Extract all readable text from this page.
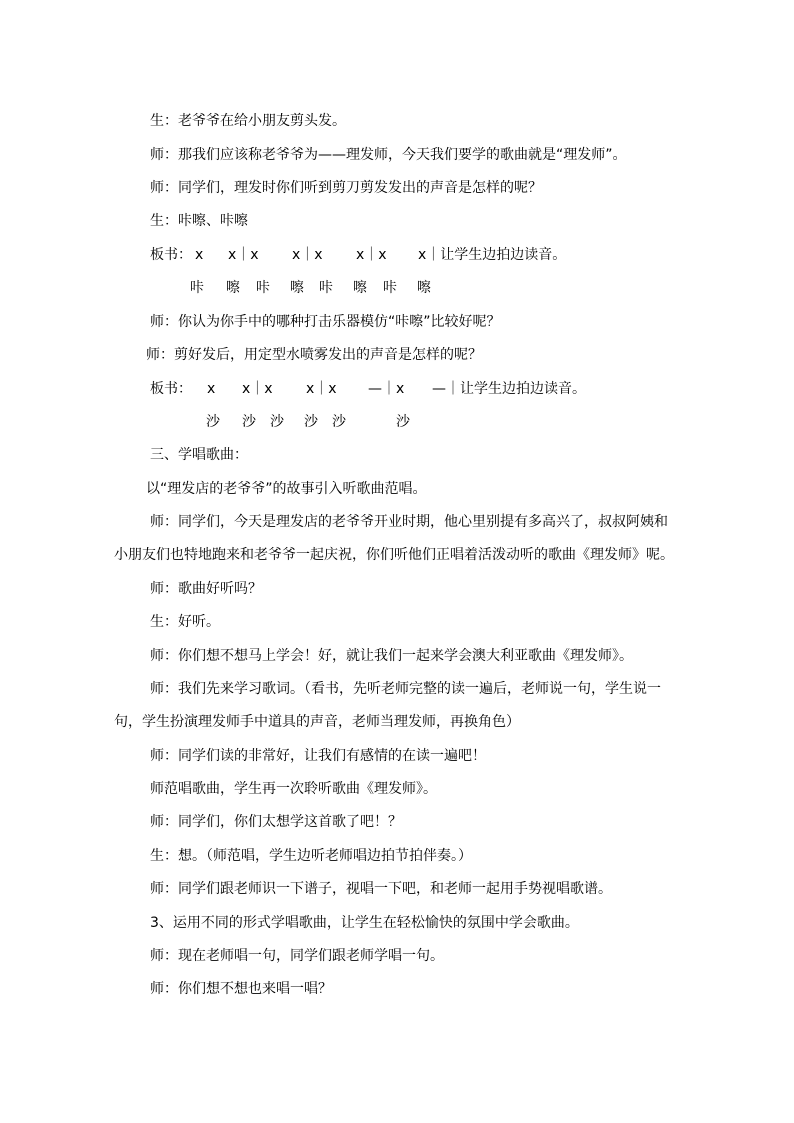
生：老爷爷在给小朋友剪头发。
师：那我们应该称老爷爷为——理发师，今天我们要学的歌曲就是“理发师”。
师：同学们，理发时你们听到剪刀剪发发出的声音是怎样的呢？
生：咔嚓、咔嚓
板书： x x｜x x｜x x｜x x｜让学生边拍边读音。
咔 嚓 咔 嚓 咔 嚓 咔 嚓
师：你认为你手中的哪种打击乐器模仿“咔嚓”比较好呢？
师：剪好发后，用定型水喷雾发出的声音是怎样的呢？
板书： x x｜x x｜x —｜x —｜让学生边拍边读音。
沙 沙 沙 沙 沙	沙
三、学唱歌曲：
以“理发店的老爷爷”的故事引入听歌曲范唱。
师：同学们，今天是理发店的老爷爷开业时期，他心里别提有多高兴了，叔叔阿姨和
小朋友们也特地跑来和老爷爷一起庆祝，你们听他们正唱着活泼动听的歌曲《理发师》呢。
师：歌曲好听吗？
生：好听。
师：你们想不想马上学会！好，就让我们一起来学会澳大利亚歌曲《理发师》。
师：我们先来学习歌词。（看书，先听老师完整的读一遍后，老师说一句，学生说一
句，学生扮演理发师手中道具的声音，老师当理发师，再换角色）
师：同学们读的非常好，让我们有感情的在读一遍吧！
师范唱歌曲，学生再一次聆听歌曲《理发师》。
师：同学们，你们太想学这首歌了吧！？
生：想。（师范唱，学生边听老师唱边拍节拍伴奏。）
师：同学们跟老师识一下谱子，视唱一下吧，和老师一起用手势视唱歌谱。
3、运用不同的形式学唱歌曲，让学生在轻松愉快的氛围中学会歌曲。
师：现在老师唱一句，同学们跟老师学唱一句。
师：你们想不想也来唱一唱？
